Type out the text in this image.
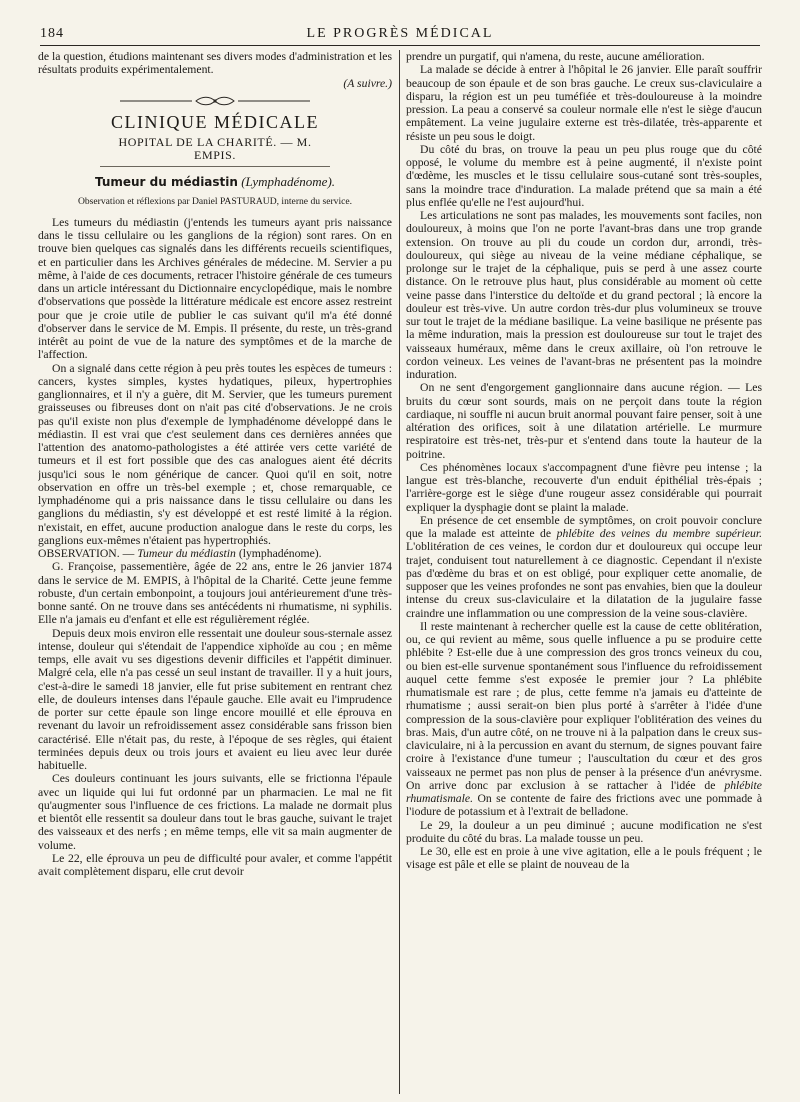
184	LE PROGRÈS MÉDICAL

de la question, étudions maintenant ses divers modes d'administration et les résultats produits expérimentalement.

(A suivre.)

CLINIQUE MÉDICALE
HOPITAL DE LA CHARITÉ. — M. EMPIS.
Tumeur du médiastin (Lymphadénome).
Observation et réflexions par Daniel PASTURAUD, interne du service.

Les tumeurs du médiastin (j'entends les tumeurs ayant pris naissance dans le tissu cellulaire ou les ganglions de la région) sont rares. On en trouve bien quelques cas signalés dans les différents recueils scientifiques, et en particulier dans les Archives générales de médecine. M. Servier a pu même, à l'aide de ces documents, retracer l'histoire générale de ces tumeurs dans un article intéressant du Dictionnaire encyclopédique, mais le nombre d'observations que possède la littérature médicale est encore assez restreint pour que je croie utile de publier le cas suivant qu'il m'a été donné d'observer dans le service de M. Empis. Il présente, du reste, un très-grand intérêt au point de vue de la nature des symptômes et de la marche de l'affection.

On a signalé dans cette région à peu près toutes les espèces de tumeurs : cancers, kystes simples, kystes hydatiques, pileux, hypertrophies ganglionnaires, et il n'y a guère, dit M. Servier, que les tumeurs purement graisseuses ou fibreuses dont on n'ait pas cité d'observations. Je ne crois pas qu'il existe non plus d'exemple de lymphadénome développé dans le médiastin. Il est vrai que c'est seulement dans ces dernières années que l'attention des anatomo-pathologistes a été attirée vers cette variété de tumeurs et il est fort possible que des cas analogues aient été décrits jusqu'ici sous le nom générique de cancer. Quoi qu'il en soit, notre observation en offre un très-bel exemple ; et, chose remarquable, ce lymphadénome qui a pris naissance dans le tissu cellulaire ou dans les ganglions du médiastin, s'y est développé et est resté limité à la région. n'existait, en effet, aucune production analogue dans le reste du corps, les ganglions eux-mêmes n'étaient pas hypertrophiés.

OBSERVATION. — Tumeur du médiastin (lymphadénome).

G. Françoise, passementière, âgée de 22 ans, entre le 26 janvier 1874 dans le service de M. EMPIS, à l'hôpital de la Charité. Cette jeune femme robuste, d'un certain embonpoint, a toujours joui antérieurement d'une très-bonne santé. On ne trouve dans ses antécédents ni rhumatisme, ni syphilis. Elle n'a jamais eu d'enfant et elle est régulièrement réglée.

Depuis deux mois environ elle ressentait une douleur sous-sternale assez intense, douleur qui s'étendait de l'appendice xiphoïde au cou ; en même temps, elle avait vu ses digestions devenir difficiles et l'appétit diminuer. Malgré cela, elle n'a pas cessé un seul instant de travailler. Il y a huit jours, c'est-à-dire le samedi 18 janvier, elle fut prise subitement en rentrant chez elle, de douleurs intenses dans l'épaule gauche. Elle avait eu l'imprudence de porter sur cette épaule son linge encore mouillé et elle éprouva en revenant du lavoir un refroidissement assez considérable sans frisson bien caractérisé. Elle n'était pas, du reste, à l'époque de ses règles, qui étaient terminées depuis deux ou trois jours et avaient eu lieu avec leur durée habituelle.

Ces douleurs continuant les jours suivants, elle se frictionna l'épaule avec un liquide qui lui fut ordonné par un pharmacien. Le mal ne fit qu'augmenter sous l'influence de ces frictions. La malade ne dormait plus et bientôt elle ressentit sa douleur dans tout le bras gauche, suivant le trajet des vaisseaux et des nerfs ; en même temps, elle vit sa main augmenter de volume.

Le 22, elle éprouva un peu de difficulté pour avaler, et comme l'appétit avait complètement disparu, elle crut devoir

prendre un purgatif, qui n'amena, du reste, aucune amélioration.

La malade se décide à entrer à l'hôpital le 26 janvier. Elle paraît souffrir beaucoup de son épaule et de son bras gauche. Le creux sus-claviculaire a disparu, la région est un peu tuméfiée et très-douloureuse à la moindre pression. La peau a conservé sa couleur normale elle n'est le siège d'aucun empâtement. La veine jugulaire externe est très-dilatée, très-apparente et résiste un peu sous le doigt.

Du côté du bras, on trouve la peau un peu plus rouge que du côté opposé, le volume du membre est à peine augmenté, il n'existe point d'œdème, les muscles et le tissu cellulaire sous-cutané sont très-souples, sans la moindre trace d'induration. La malade prétend que sa main a été plus enflée qu'elle ne l'est aujourd'hui.

Les articulations ne sont pas malades, les mouvements sont faciles, non douloureux, à moins que l'on ne porte l'avant-bras dans une trop grande extension. On trouve au pli du coude un cordon dur, arrondi, très-douloureux, qui siège au niveau de la veine médiane céphalique, se prolonge sur le trajet de la céphalique, puis se perd à une assez courte distance. On le retrouve plus haut, plus considérable au moment où cette veine passe dans l'interstice du deltoïde et du grand pectoral ; là encore la douleur est très-vive. Un autre cordon très-dur plus volumineux se trouve sur tout le trajet de la médiane basilique. La veine basilique ne présente pas la même induration, mais la pression est douloureuse sur tout le trajet des vaisseaux huméraux, même dans le creux axillaire, où l'on retrouve le cordon veineux. Les veines de l'avant-bras ne présentent pas la moindre induration.

On ne sent d'engorgement ganglionnaire dans aucune région. — Les bruits du cœur sont sourds, mais on ne perçoit dans toute la région cardiaque, ni souffle ni aucun bruit anormal pouvant faire penser, soit à une altération des orifices, soit à une dilatation artérielle. Le murmure respiratoire est très-net, très-pur et s'entend dans toute la hauteur de la poitrine.

Ces phénomènes locaux s'accompagnent d'une fièvre peu intense ; la langue est très-blanche, recouverte d'un enduit épithélial très-épais ; l'arrière-gorge est le siège d'une rougeur assez considérable qui pourrait expliquer la dysphagie dont se plaint la malade.

En présence de cet ensemble de symptômes, on croit pouvoir conclure que la malade est atteinte de phlébite des veines du membre supérieur. L'oblitération de ces veines, le cordon dur et douloureux qui occupe leur trajet, conduisent tout naturellement à ce diagnostic. Cependant il n'existe pas d'œdème du bras et on est obligé, pour expliquer cette anomalie, de supposer que les veines profondes ne sont pas envahies, bien que la douleur intense du creux sus-claviculaire et la dilatation de la jugulaire fasse craindre une inflammation ou une compression de la veine sous-clavière.

Il reste maintenant à rechercher quelle est la cause de cette oblitération, ou, ce qui revient au même, sous quelle influence a pu se produire cette phlébite ? Est-elle due à une compression des gros troncs veineux du cou, ou bien est-elle survenue spontanément sous l'influence du refroidissement auquel cette femme s'est exposée le premier jour ? La phlébite rhumatismale est rare ; de plus, cette femme n'a jamais eu d'atteinte de rhumatisme ; aussi serait-on bien plus porté à s'arrêter à l'idée d'une compression de la sous-clavière pour expliquer l'oblitération des veines du bras. Mais, d'un autre côté, on ne trouve ni à la palpation dans le creux sus-claviculaire, ni à la percussion en avant du sternum, de signes pouvant faire croire à l'existance d'une tumeur ; l'auscultation du cœur et des gros vaisseaux ne permet pas non plus de penser à la présence d'un anévrysme. On arrive donc par exclusion à se rattacher à l'idée de phlébite rhumatismale. On se contente de faire des frictions avec une pommade à l'iodure de potassium et à l'extrait de belladone.

Le 29, la douleur a un peu diminué ; aucune modification ne s'est produite du côté du bras. La malade tousse un peu.

Le 30, elle est en proie à une vive agitation, elle a le pouls fréquent ; le visage est pâle et elle se plaint de nouveau de la
